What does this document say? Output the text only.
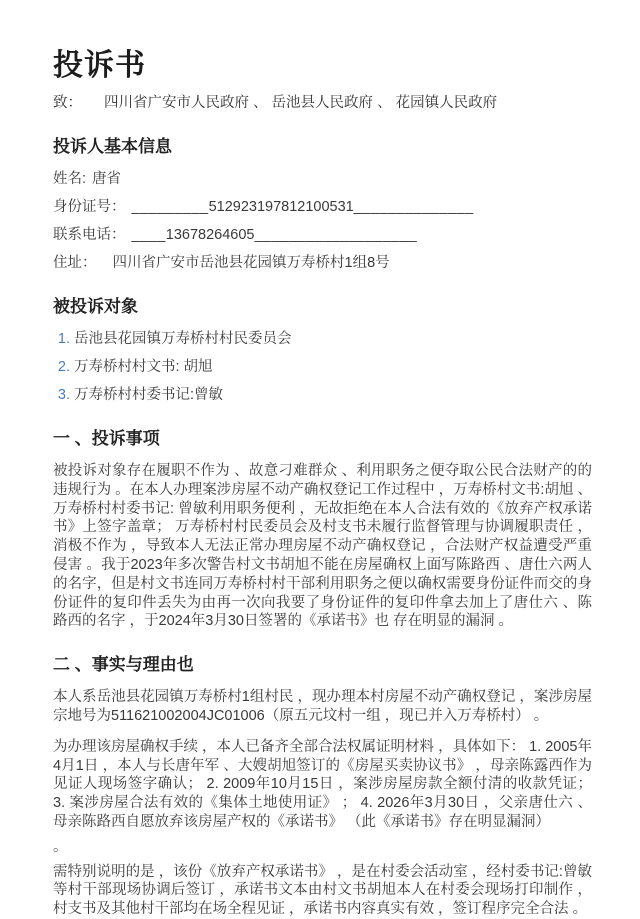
投诉书
致： 四川省广安市人民政府 、 岳池县人民政府 、 花园镇人民政府
投诉人基本信息
姓名: 唐省
身份证号： _________512923197812100531______________
联系电话： ____13678264605___________________
住址： 四川省广安市岳池县花园镇万寿桥村1组8号
被投诉对象
1. 岳池县花园镇万寿桥村村民委员会
2. 万寿桥村村文书: 胡旭
3. 万寿桥村村委书记:曾敏
一 、投诉事项

被投诉对象存在履职不作为 、故意刁难群众 、利用职务之便夺取公民合法财产的的违规行为 。在本人办理案涉房屋不动产确权登记工作过程中 ，万寿桥村文书:胡旭 、万寿桥村村委书记: 曾敏利用职务便利 ，无故拒绝在本人合法有效的《放弃产权承诺书》上签字盖章； 万寿桥村村民委员会及村支书未履行监督管理与协调履职责任 ，消极不作为 ，导致本人无法正常办理房屋不动产确权登记 ，合法财产权益遭受严重侵害 。我于2023年多次警告村文书胡旭不能在房屋确权上面写陈路西 、唐仕六两人的名字，但是村文书连同万寿桥村村干部利用职务之便以确权需要身份证件而交的身份证件的复印件丢失为由再一次向我要了身份证件的复印件拿去加上了唐仕六 、陈路西的名字 ，于2024年3月30日签署的《承诺书》也 存在明显的漏洞 。

二 、事实与理由也

本人系岳池县花园镇万寿桥村1组村民 ，现办理本村房屋不动产确权登记 ，案涉房屋宗地号为511621002004JC01006（原五元坟村一组 ，现已并入万寿桥村） 。

为办理该房屋确权手续 ，本人已备齐全部合法权属证明材料 ，具体如下： 1. 2005年4月1日 ，本人与长唐年军 、大嫂胡旭签订的《房屋买卖协议书》 ，母亲陈露西作为见证人现场签字确认； 2. 2009年10月15日 ，案涉房屋房款全额付清的收款凭证； 3. 案涉房屋合法有效的《集体土地使用证》 ； 4. 2026年3月30日 ，父亲唐仕六 、母亲陈路西自愿放弃该房屋产权的《承诺书》 （此《承诺书》存在明显漏洞）

。

需特别说明的是 ，该份《放弃产权承诺书》 ，是在村委会活动室 ，经村委书记:曾敏等村干部现场协调后签订 ，承诺书文本由村文书胡旭本人在村委会现场打印制作 ，村支书及其他村干部均在场全程见证 ，承诺书内容真实有效 ，签订程序完全合法 。
